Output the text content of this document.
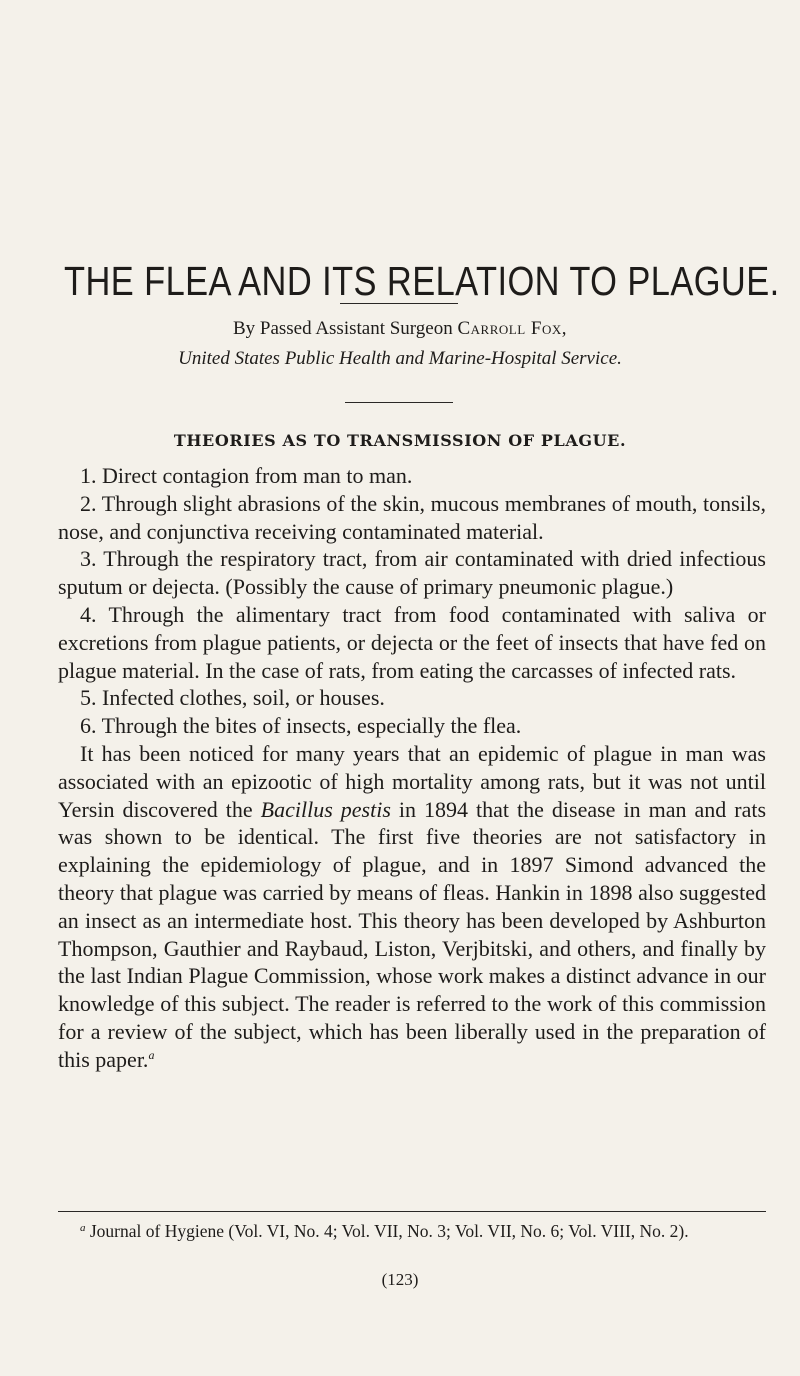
THE FLEA AND ITS RELATION TO PLAGUE.
By Passed Assistant Surgeon Carroll Fox,
United States Public Health and Marine-Hospital Service.
THEORIES AS TO TRANSMISSION OF PLAGUE.

1. Direct contagion from man to man.

2. Through slight abrasions of the skin, mucous membranes of mouth, tonsils, nose, and conjunctiva receiving contaminated material.

3. Through the respiratory tract, from air contaminated with dried infectious sputum or dejecta. (Possibly the cause of primary pneumonic plague.)

4. Through the alimentary tract from food contaminated with saliva or excretions from plague patients, or dejecta or the feet of insects that have fed on plague material. In the case of rats, from eating the carcasses of infected rats.

5. Infected clothes, soil, or houses.

6. Through the bites of insects, especially the flea.

It has been noticed for many years that an epidemic of plague in man was associated with an epizootic of high mortality among rats, but it was not until Yersin discovered the Bacillus pestis in 1894 that the disease in man and rats was shown to be identical. The first five theories are not satisfactory in explaining the epidemiology of plague, and in 1897 Simond advanced the theory that plague was carried by means of fleas. Hankin in 1898 also suggested an insect as an intermediate host. This theory has been developed by Ashburton Thompson, Gauthier and Raybaud, Liston, Verjbitski, and others, and finally by the last Indian Plague Commission, whose work makes a distinct advance in our knowledge of this subject. The reader is referred to the work of this commission for a review of the subject, which has been liberally used in the preparation of this paper.$^a$

$^a$ Journal of Hygiene (Vol. VI, No. 4; Vol. VII, No. 3; Vol. VII, No. 6; Vol. VIII, No. 2).
(123)
